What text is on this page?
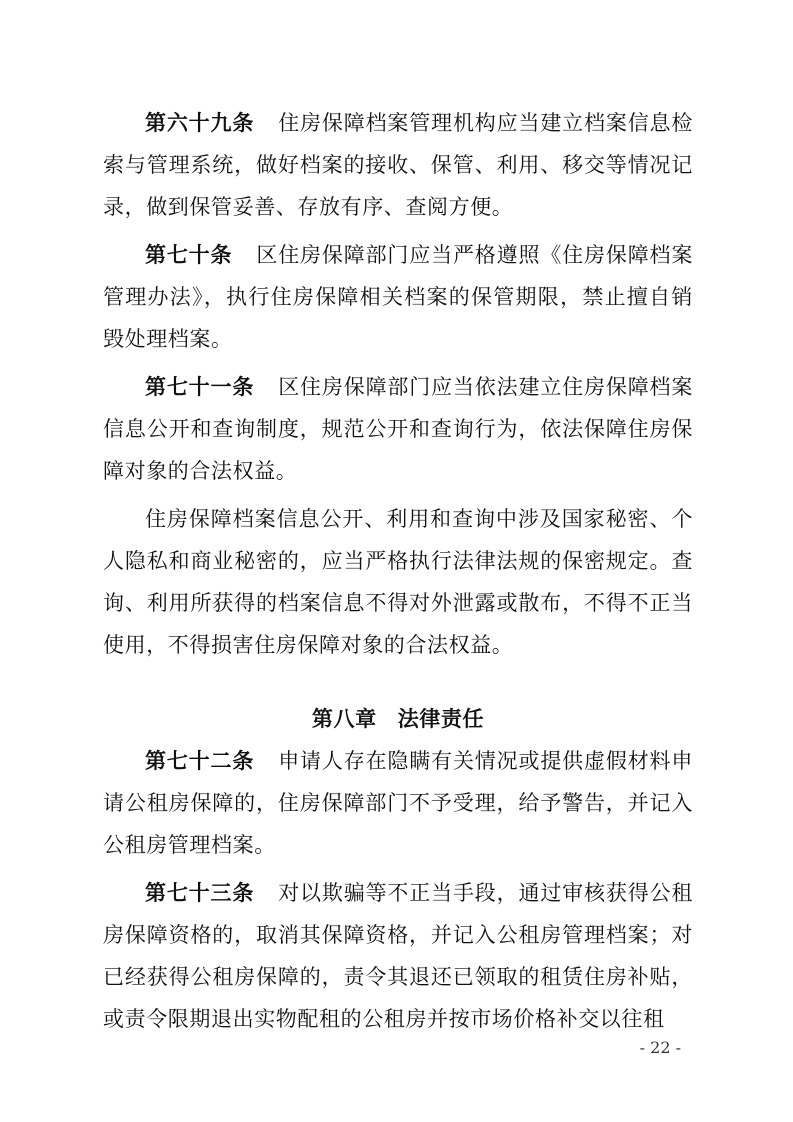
第六十九条 住房保障档案管理机构应当建立档案信息检索与管理系统，做好档案的接收、保管、利用、移交等情况记录，做到保管妥善、存放有序、查阅方便。

第七十条 区住房保障部门应当严格遵照《住房保障档案管理办法》，执行住房保障相关档案的保管期限，禁止擅自销毁处理档案。

第七十一条 区住房保障部门应当依法建立住房保障档案信息公开和查询制度，规范公开和查询行为，依法保障住房保障对象的合法权益。

住房保障档案信息公开、利用和查询中涉及国家秘密、个人隐私和商业秘密的，应当严格执行法律法规的保密规定。查询、利用所获得的档案信息不得对外泄露或散布，不得不正当使用，不得损害住房保障对象的合法权益。

第八章 法律责任

第七十二条 申请人存在隐瞒有关情况或提供虚假材料申请公租房保障的，住房保障部门不予受理，给予警告，并记入公租房管理档案。

第七十三条 对以欺骗等不正当手段，通过审核获得公租房保障资格的，取消其保障资格，并记入公租房管理档案；对已经获得公租房保障的，责令其退还已领取的租赁住房补贴，或责令限期退出实物配租的公租房并按市场价格补交以往租

- 22 -
